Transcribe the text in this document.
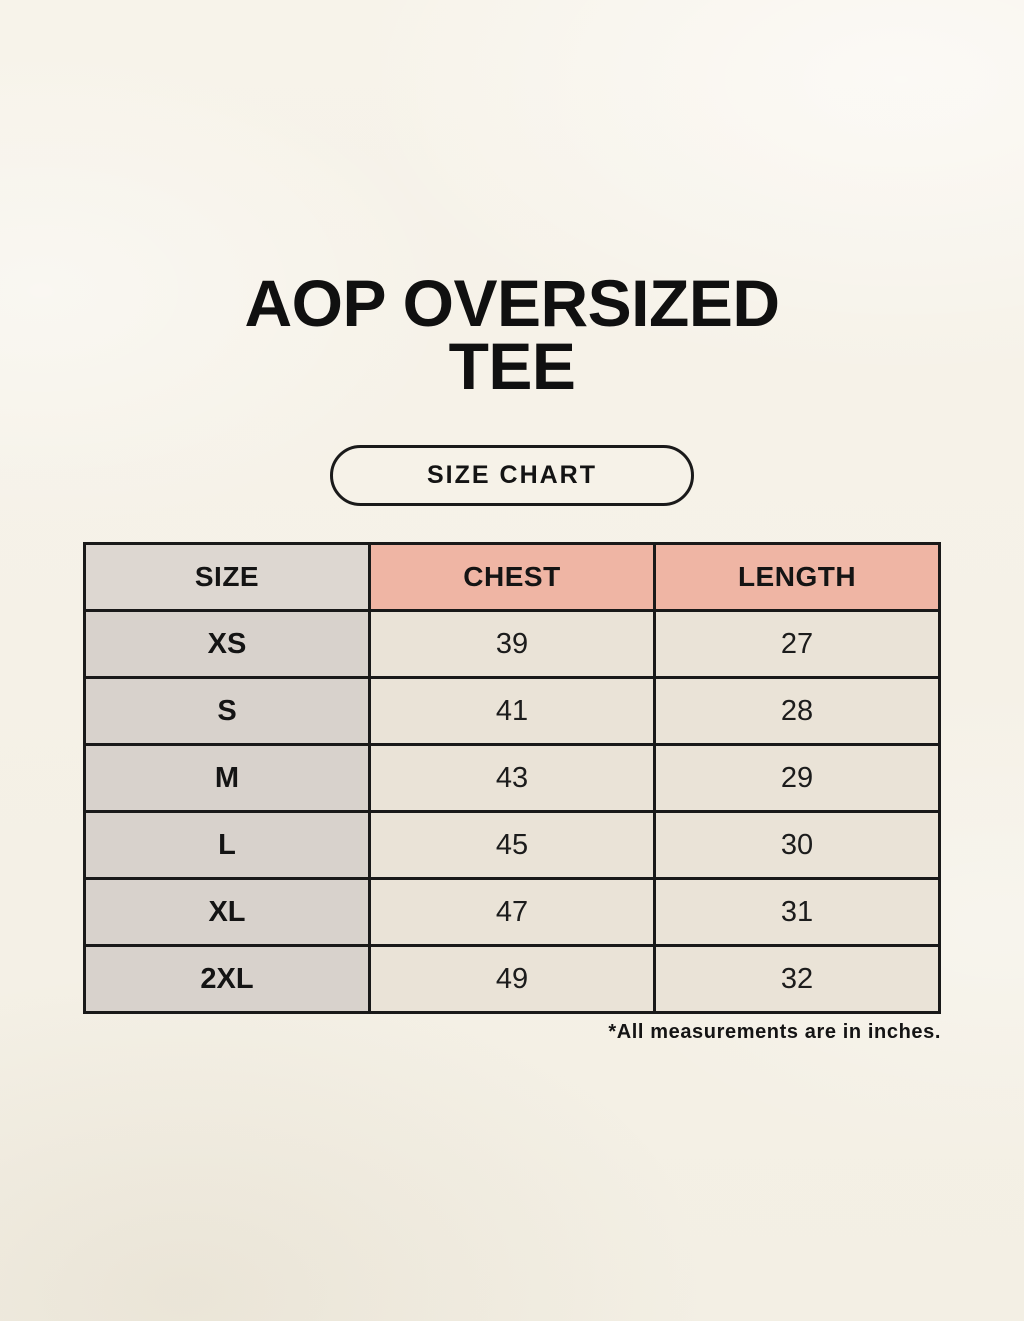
AOP OVERSIZED
TEE
SIZE CHART
SIZE	CHEST	LENGTH
XS	39	27
S	41	28
M	43	29
L	45	30
XL	47	31
2XL	49	32
*All measurements are in inches.
